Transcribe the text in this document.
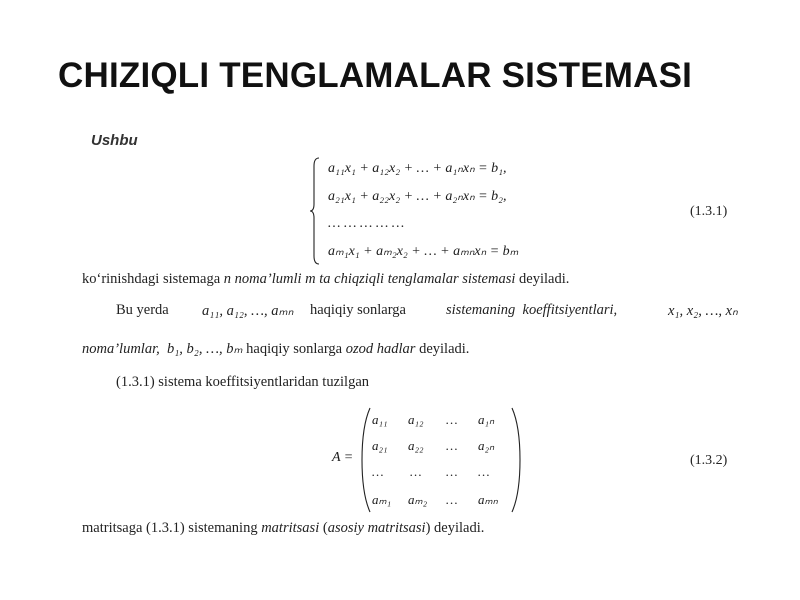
CHIZIQLI TENGLAMALAR SISTEMASI
Ushbu
a₁₁x₁ + a₁₂x₂ + … + a₁ₙxₙ = b₁,
a₂₁x₁ + a₂₂x₂ + … + a₂ₙxₙ = b₂,
… … … … …
aₘ₁x₁ + aₘ₂x₂ + … + aₘₙxₙ = bₘ
(1.3.1)
ko‘rinishdagi sistemaga n noma’lumli m ta chiqziqli tenglamalar sistemasi deyiladi.
Bu yerda a₁₁, a₁₂, …, aₘₙ haqiqiy sonlarga	sistemaning koeffitsiyentlari,	x₁, x₂, …, xₙ
noma’lumlar, b₁, b₂, …, bₘ haqiqiy sonlarga ozod hadlar deyiladi.
(1.3.1) sistema koeffitsiyentlaridan tuzilgan
A =
a₁₁ a₁₂ … a₁ₙ
a₂₁ a₂₂ … a₂ₙ
… … … …
aₘ₁ aₘ₂ … aₘₙ
(1.3.2)
matritsaga (1.3.1) sistemaning matritsasi (asosiy matritsasi) deyiladi.
